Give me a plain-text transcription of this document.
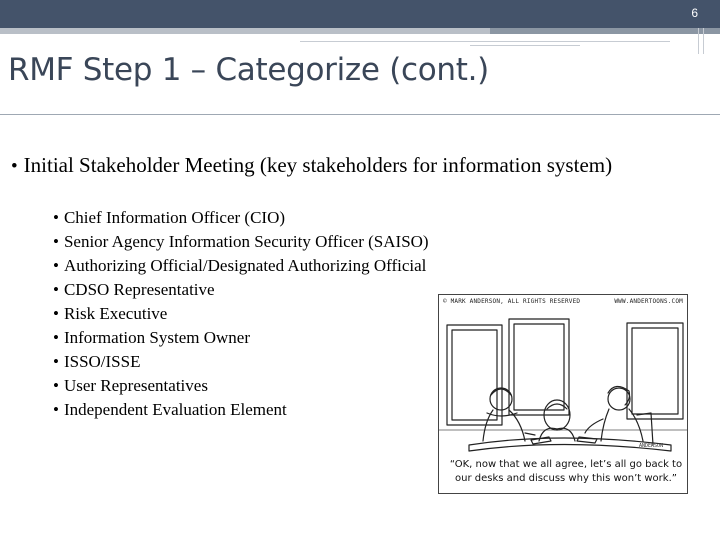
6
RMF Step 1 – Categorize (cont.)
• Initial Stakeholder Meeting (key stakeholders for information system)
• Chief Information Officer (CIO)
• Senior Agency Information Security Officer (SAISO)
• Authorizing Official/Designated Authorizing Official
• CDSO Representative
• Risk Executive
• Information System Owner
• ISSO/ISSE
• User Representatives
• Independent Evaluation Element
© MARK ANDERSON, ALL RIGHTS RESERVED	WWW.ANDERTOONS.COM
ANDERSON
“OK, now that we all agree, let’s all go back to our desks and discuss why this won’t work.”
